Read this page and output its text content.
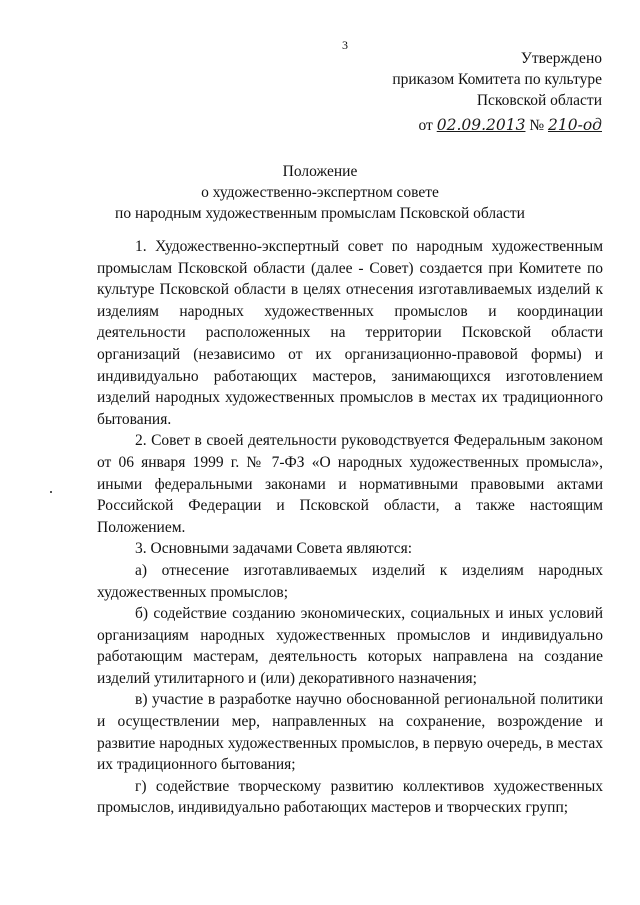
3
Утверждено
приказом Комитета по культуре
Псковской области
от 02.09.2013 № 210-од
Положение
о художественно-экспертном совете
по народным художественным промыслам Псковской области

1. Художественно-экспертный совет по народным художественным промыслам Псковской области (далее - Совет) создается при Комитете по культуре Псковской области в целях отнесения изготавливаемых изделий к изделиям народных художественных промыслов и координации деятельности расположенных на территории Псковской области организаций (независимо от их организационно-правовой формы) и индивидуально работающих мастеров, занимающихся изготовлением изделий народных художественных промыслов в местах их традиционного бытования.

2. Совет в своей деятельности руководствуется Федеральным законом от 06 января 1999 г. № 7-ФЗ «О народных художественных промысла», иными федеральными законами и нормативными правовыми актами Российской Федерации и Псковской области, а также настоящим Положением.

3. Основными задачами Совета являются:

а) отнесение изготавливаемых изделий к изделиям народных художественных промыслов;

б) содействие созданию экономических, социальных и иных условий организациям народных художественных промыслов и индивидуально работающим мастерам, деятельность которых направлена на создание изделий утилитарного и (или) декоративного назначения;

в) участие в разработке научно обоснованной региональной политики и осуществлении мер, направленных на сохранение, возрождение и развитие народных художественных промыслов, в первую очередь, в местах их традиционного бытования;

г) содействие творческому развитию коллективов художественных промыслов, индивидуально работающих мастеров и творческих групп;
